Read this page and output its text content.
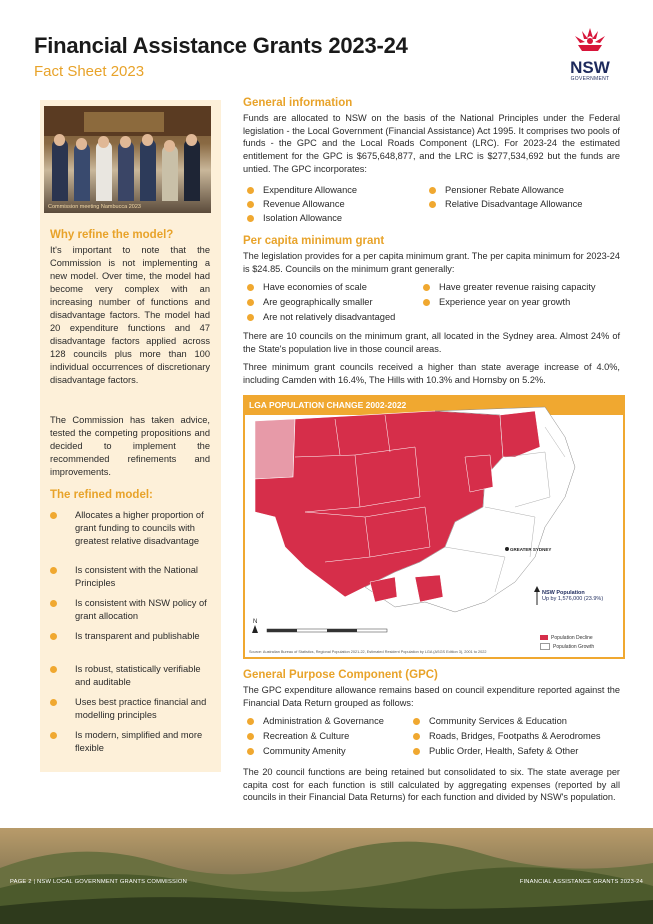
Financial Assistance Grants 2023-24
Fact Sheet 2023	NSW
GOVERNMENT
Commission meeting Nambucca 2023
Why refine the model?
It's important to note that the Commission is not implementing a new model. Over time, the model had become very complex with an increasing number of functions and disadvantage factors. The model had 20 expenditure functions and 47 disadvantage factors applied across 128 councils plus more than 100 individual occurrences of discretionary disadvantage factors.
The Commission has taken advice, tested the competing propositions and decided to implement the recommended refinements and improvements.
The refined model:
Allocates a higher proportion of grant funding to councils with greatest relative disadvantage
Is consistent with the National Principles
Is consistent with NSW policy of grant allocation
Is transparent and publishable
Is robust, statistically verifiable and auditable
Uses best practice financial and modelling principles
Is modern, simplified and more flexible
General information
Funds are allocated to NSW on the basis of the National Principles under the Federal legislation - the Local Government (Financial Assistance) Act 1995. It comprises two pools of funds - the GPC and the Local Roads Component (LRC). For 2023-24 the estimated entitlement for the GPC is $675,648,877, and the LRC is $277,534,692 but the funds are untied. The GPC incorporates:
Expenditure Allowance
Revenue Allowance
Isolation Allowance
Pensioner Rebate Allowance
Relative Disadvantage Allowance
Per capita minimum grant
The legislation provides for a per capita minimum grant. The per capita minimum for 2023-24 is $24.85. Councils on the minimum grant generally:
Have economies of scale
Are geographically smaller
Are not relatively disadvantaged
Have greater revenue raising capacity
Experience year on year growth
There are 10 councils on the minimum grant, all located in the Sydney area. Almost 24% of the State's population live in those council areas.
Three minimum grant councils received a higher than state average increase of 4.0%, including Camden with 16.4%, The Hills with 10.3% and Hornsby on 5.2%.
N
LGA POPULATION CHANGE 2002-2022
GREATER SYDNEY
NSW Population
Up by 1,576,000 (23.9%)
Population Decline
Population Growth
Source: Australian Bureau of Statistics, Regional Population 2021-22, Estimated Resident Population by LGA (ASGS Edition 3), 2001 to 2022
General Purpose Component (GPC)
The GPC expenditure allowance remains based on council expenditure reported against the Financial Data Return grouped as follows:
Administration & Governance
Recreation & Culture
Community Amenity
Community Services & Education
Roads, Bridges, Footpaths & Aerodromes
Public Order, Health, Safety & Other
The 20 council functions are being retained but consolidated to six. The state average per capita cost for each function is still calculated by aggregating expenses (reported by all councils in their Financial Data Returns) for each function and divided by NSW's population.
PAGE 2 | NSW LOCAL GOVERNMENT GRANTS COMMISSION	FINANCIAL ASSISTANCE GRANTS 2023-24
